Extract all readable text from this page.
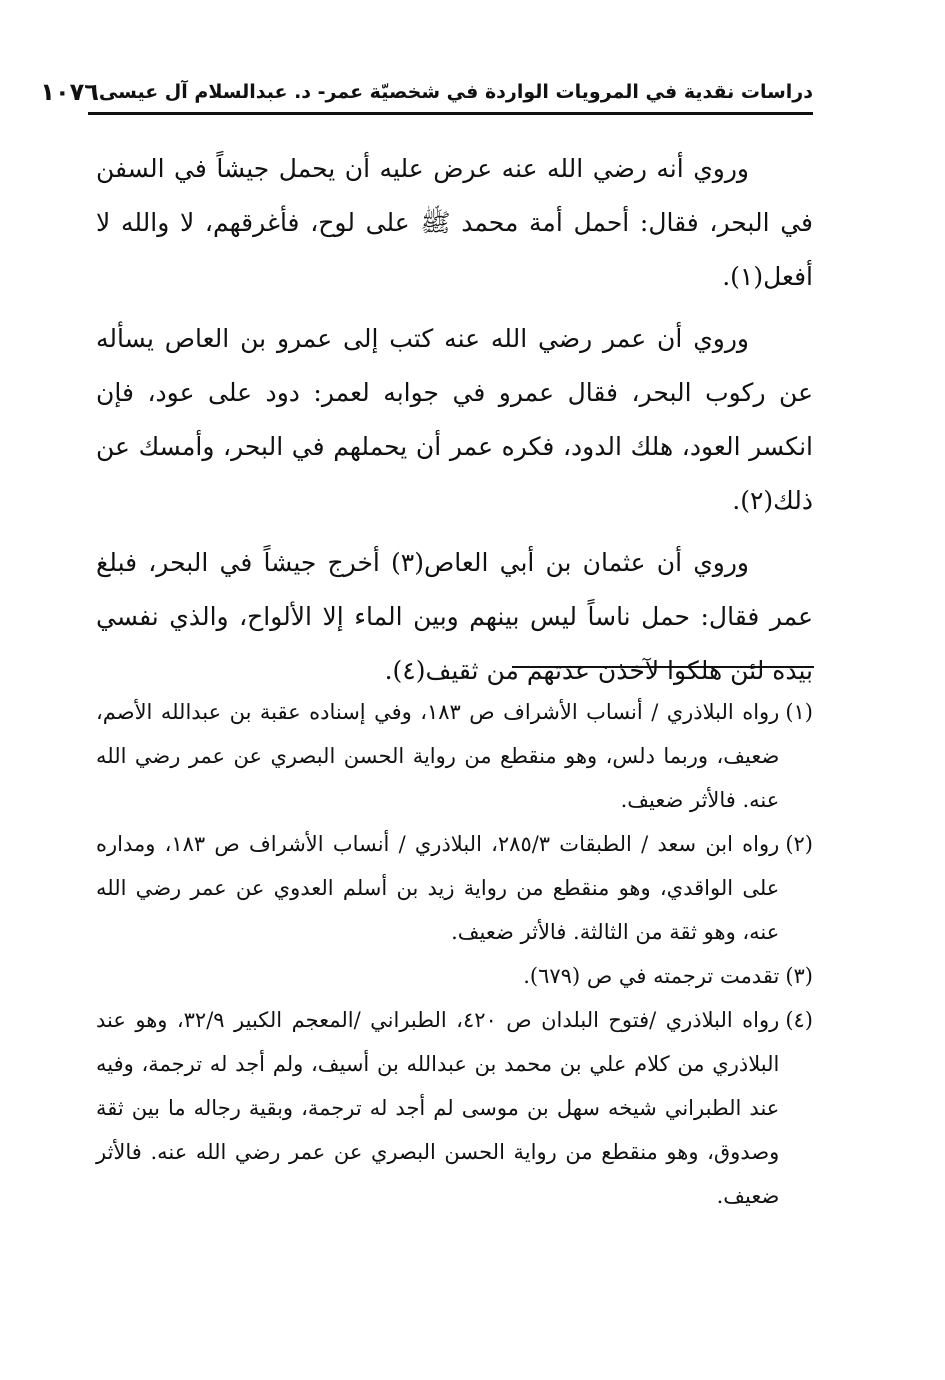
دراسات نقدية في المرويات الواردة في شخصيّة عمر- د. عبدالسلام آل عيسى
١٠٧٦

وروي أنه رضي الله عنه عرض عليه أن يحمل جيشاً في السفن في البحر، فقال: أحمل أمة محمد ﷺ على لوح، فأغرقهم، لا والله لا أفعل(١).

وروي أن عمر رضي الله عنه كتب إلى عمرو بن العاص يسأله عن ركوب البحر، فقال عمرو في جوابه لعمر: دود على عود، فإن انكسر العود، هلك الدود، فكره عمر أن يحملهم في البحر، وأمسك عن ذلك(٢).

وروي أن عثمان بن أبي العاص(٣) أخرج جيشاً في البحر، فبلغ عمر فقال: حمل ناساً ليس بينهم وبين الماء إلا الألواح، والذي نفسي بيده لئن هلكوا لآخذن عدتهم من ثقيف(٤).

(١)
رواه البلاذري / أنساب الأشراف ص ١٨٣، وفي إسناده عقبة بن عبدالله الأصم، ضعيف، وربما دلس، وهو منقطع من رواية الحسن البصري عن عمر رضي الله عنه. فالأثر ضعيف.
(٢)
رواه ابن سعد / الطبقات ٢٨٥/٣، البلاذري / أنساب الأشراف ص ١٨٣، ومداره على الواقدي، وهو منقطع من رواية زيد بن أسلم العدوي عن عمر رضي الله عنه، وهو ثقة من الثالثة. فالأثر ضعيف.
(٣)
تقدمت ترجمته في ص (٦٧٩).
(٤)
رواه البلاذري /فتوح البلدان ص ٤٢٠، الطبراني /المعجم الكبير ٣٢/٩، وهو عند البلاذري من كلام علي بن محمد بن عبدالله بن أسيف، ولم أجد له ترجمة، وفيه عند الطبراني شيخه سهل بن موسى لم أجد له ترجمة، وبقية رجاله ما بين ثقة وصدوق، وهو منقطع من رواية الحسن البصري عن عمر رضي الله عنه. فالأثر ضعيف.
